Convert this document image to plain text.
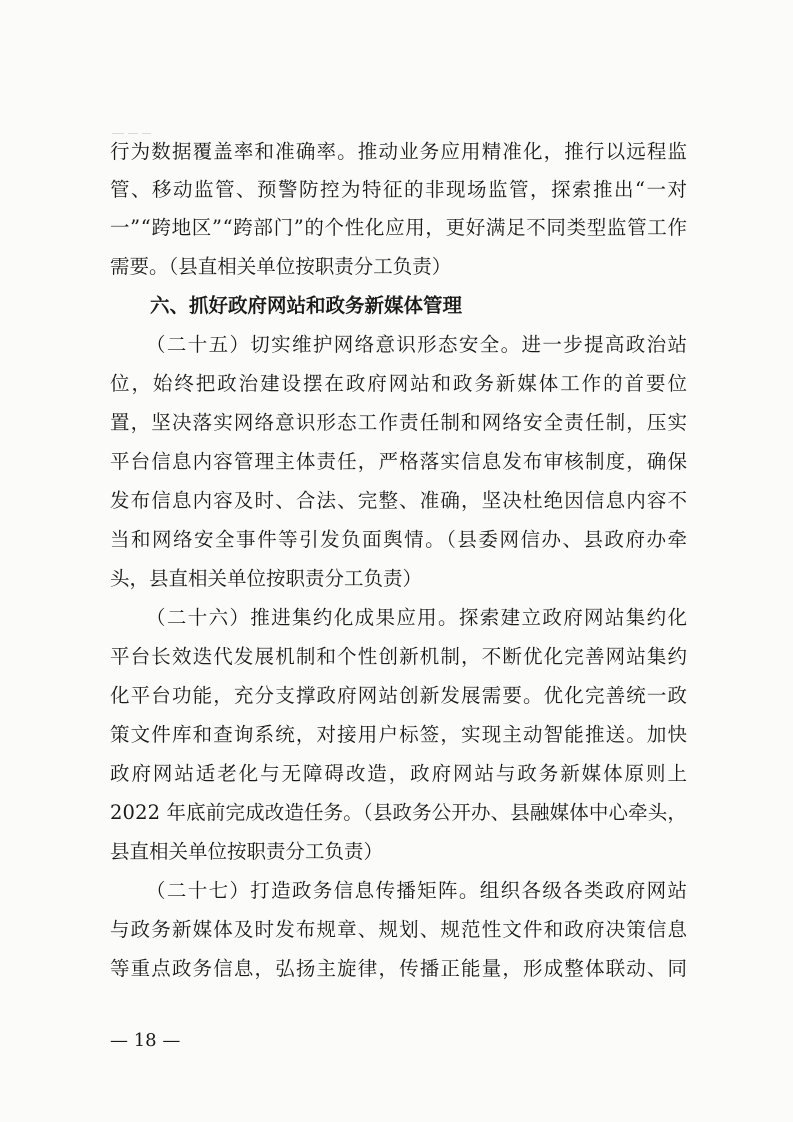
行为数据覆盖率和准确率。推动业务应用精准化，推行以远程监
管、移动监管、预警防控为特征的非现场监管，探索推出“一对
一”“跨地区”“跨部门”的个性化应用，更好满足不同类型监管工作
需要。（县直相关单位按职责分工负责）
六、抓好政府网站和政务新媒体管理
（二十五）切实维护网络意识形态安全。进一步提高政治站
位，始终把政治建设摆在政府网站和政务新媒体工作的首要位
置，坚决落实网络意识形态工作责任制和网络安全责任制，压实
平台信息内容管理主体责任，严格落实信息发布审核制度，确保
发布信息内容及时、合法、完整、准确，坚决杜绝因信息内容不
当和网络安全事件等引发负面舆情。（县委网信办、县政府办牵
头，县直相关单位按职责分工负责）
（二十六）推进集约化成果应用。探索建立政府网站集约化
平台长效迭代发展机制和个性创新机制，不断优化完善网站集约
化平台功能，充分支撑政府网站创新发展需要。优化完善统一政
策文件库和查询系统，对接用户标签，实现主动智能推送。加快
政府网站适老化与无障碍改造，政府网站与政务新媒体原则上
2022 年底前完成改造任务。（县政务公开办、县融媒体中心牵头，
县直相关单位按职责分工负责）
（二十七）打造政务信息传播矩阵。组织各级各类政府网站
与政务新媒体及时发布规章、规划、规范性文件和政府决策信息
等重点政务信息，弘扬主旋律，传播正能量，形成整体联动、同
— 18 —
